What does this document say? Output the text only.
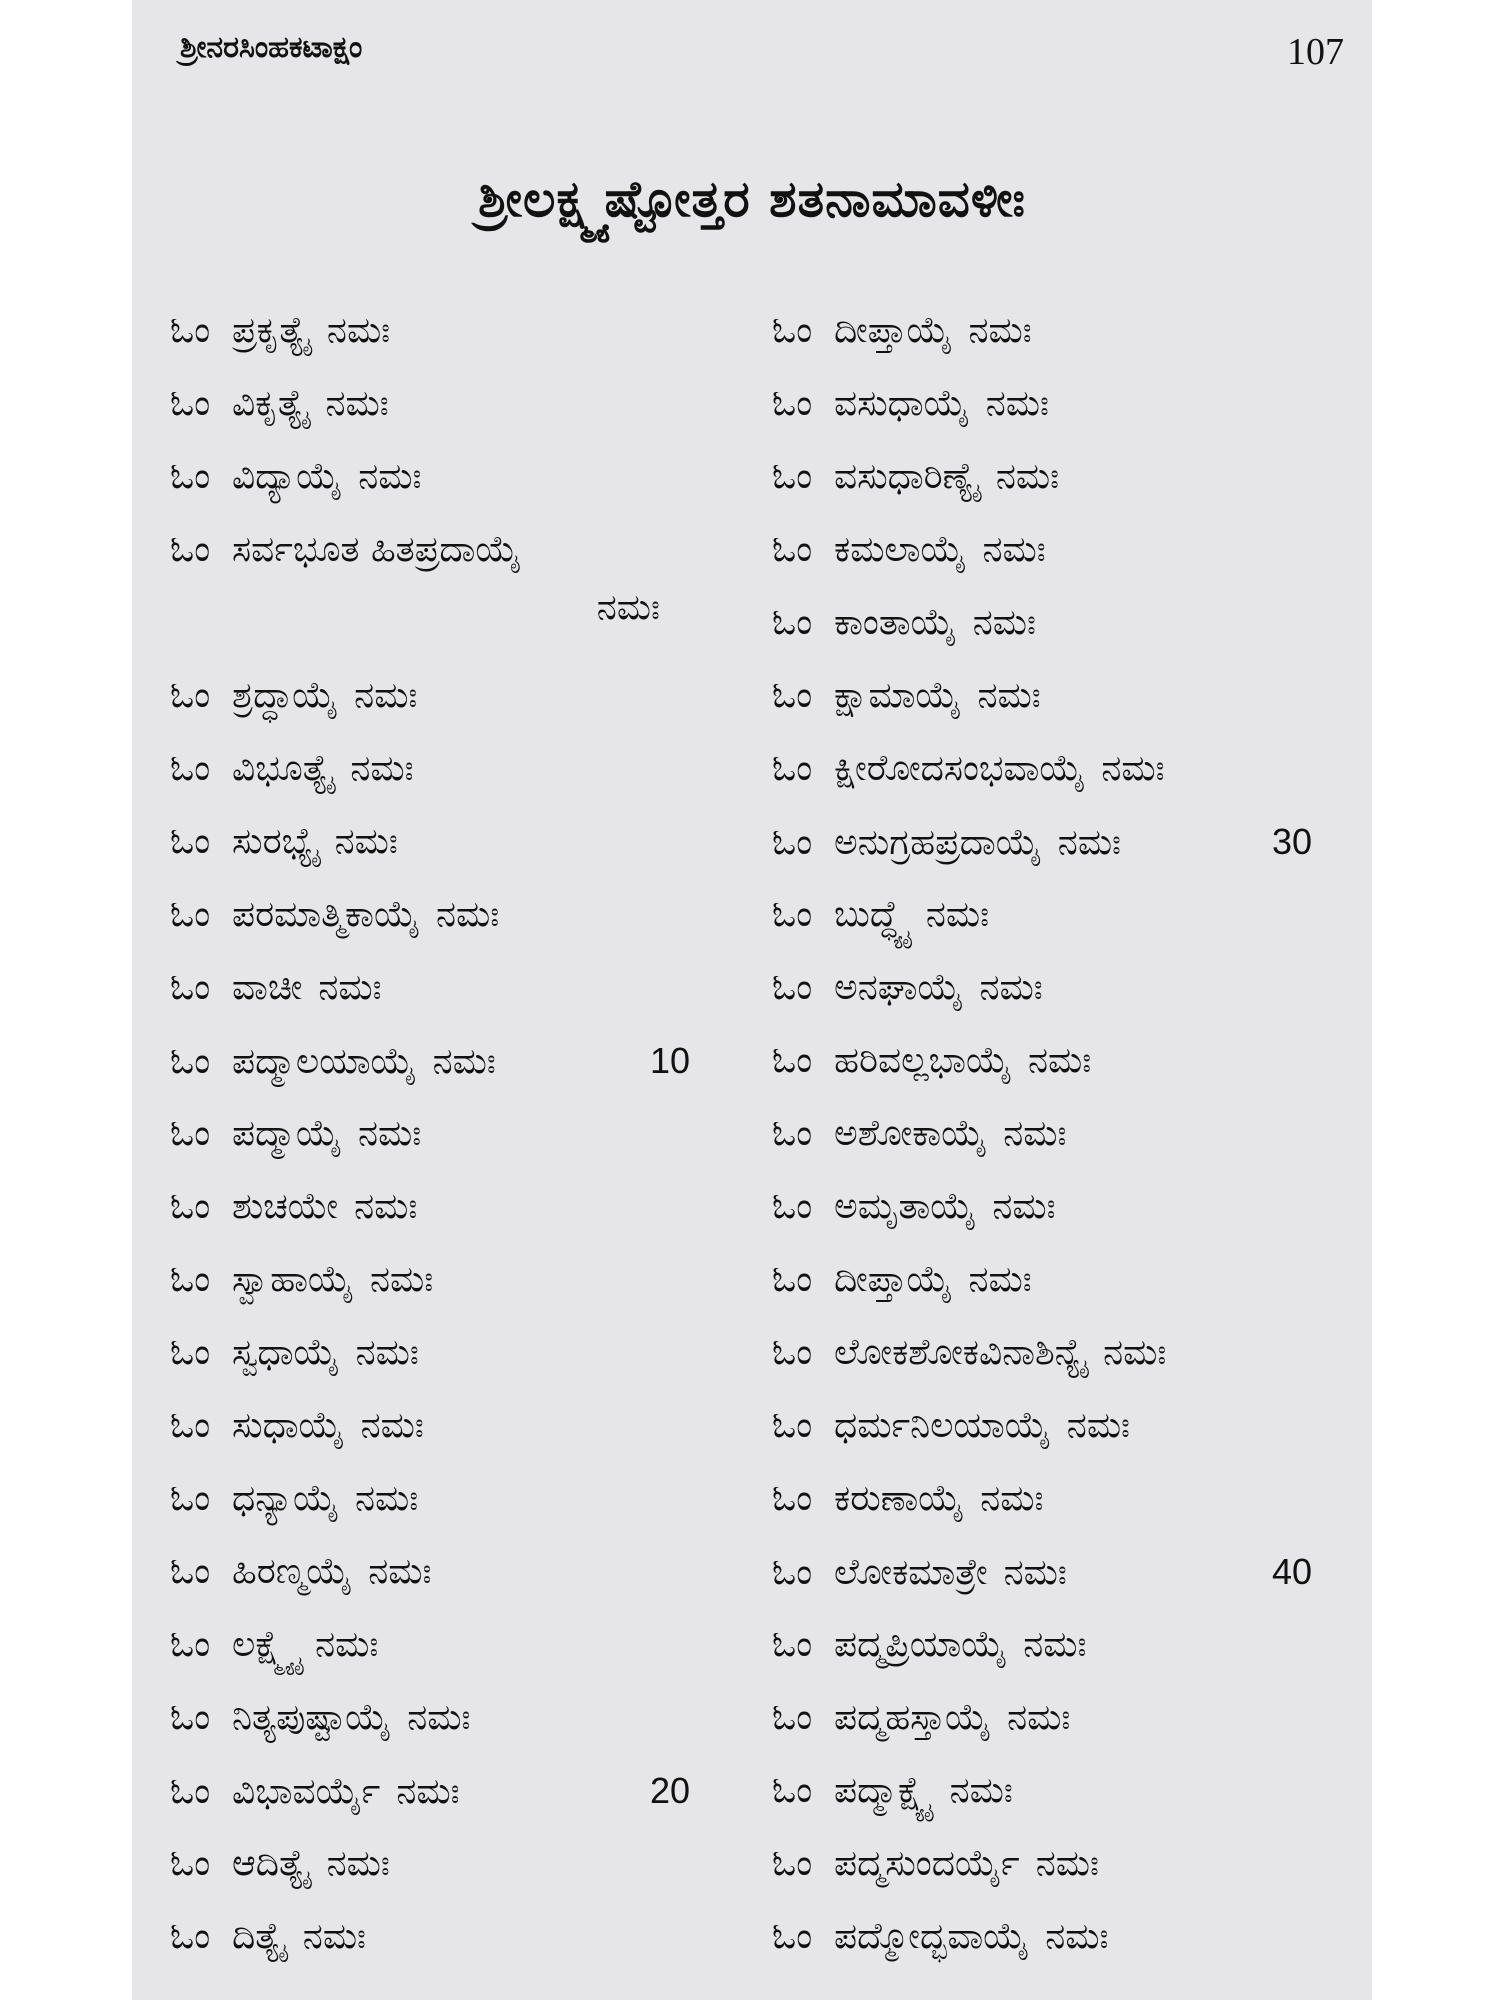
ಶ್ರೀನರಸಿಂಹಕಟಾಕ್ಷಂ	107
ಶ್ರೀಲಕ್ಷ್ಮ್ಯಷ್ಟೋತ್ತರ ಶತನಾಮಾವಳೀಃ
ಓಂ ಪ್ರಕೃತ್ಯೈ ನಮಃ
ಓಂ ವಿಕೃತ್ಯೈ ನಮಃ
ಓಂ ವಿದ್ಯಾಯೈ ನಮಃ
ಓಂ ಸರ್ವಭೂತ ಹಿತಪ್ರದಾಯೈ
ನಮಃ
ಓಂ ಶ್ರದ್ಧಾಯೈ ನಮಃ
ಓಂ ವಿಭೂತ್ಯೈ ನಮಃ
ಓಂ ಸುರಭ್ಯೈ ನಮಃ
ಓಂ ಪರಮಾತ್ಮಿಕಾಯೈ ನಮಃ
ಓಂ ವಾಚೀ ನಮಃ
ಓಂ ಪದ್ಮಾಲಯಾಯೈ ನಮಃ	10
ಓಂ ಪದ್ಮಾಯೈ ನಮಃ
ಓಂ ಶುಚಯೇ ನಮಃ
ಓಂ ಸ್ವಾಹಾಯೈ ನಮಃ
ಓಂ ಸ್ವಧಾಯೈ ನಮಃ
ಓಂ ಸುಧಾಯೈ ನಮಃ
ಓಂ ಧನ್ಯಾಯೈ ನಮಃ
ಓಂ ಹಿರಣ್ಮಯೈ ನಮಃ
ಓಂ ಲಕ್ಷ್ಮ್ಯೈ ನಮಃ
ಓಂ ನಿತ್ಯಪುಷ್ಟಾಯೈ ನಮಃ
ಓಂ ವಿಭಾವರ್ಯೈ ನಮಃ	20
ಓಂ ಆದಿತ್ಯೈ ನಮಃ
ಓಂ ದಿತ್ಯೈ ನಮಃ
ಓಂ ದೀಪ್ತಾಯೈ ನಮಃ
ಓಂ ವಸುಧಾಯೈ ನಮಃ
ಓಂ ವಸುಧಾರಿಣ್ಯೈ ನಮಃ
ಓಂ ಕಮಲಾಯೈ ನಮಃ
ಓಂ ಕಾಂತಾಯೈ ನಮಃ
ಓಂ ಕ್ಷಾಮಾಯೈ ನಮಃ
ಓಂ ಕ್ಷೀರೋದಸಂಭವಾಯೈ ನಮಃ
ಓಂ ಅನುಗ್ರಹಪ್ರದಾಯೈ ನಮಃ	30
ಓಂ ಬುದ್ಧ್ಯೈ ನಮಃ
ಓಂ ಅನಘಾಯೈ ನಮಃ
ಓಂ ಹರಿವಲ್ಲಭಾಯೈ ನಮಃ
ಓಂ ಅಶೋಕಾಯೈ ನಮಃ
ಓಂ ಅಮೃತಾಯೈ ನಮಃ
ಓಂ ದೀಪ್ತಾಯೈ ನಮಃ
ಓಂ ಲೋಕಶೋಕವಿನಾಶಿನ್ಯೈ ನಮಃ
ಓಂ ಧರ್ಮನಿಲಯಾಯೈ ನಮಃ
ಓಂ ಕರುಣಾಯೈ ನಮಃ
ಓಂ ಲೋಕಮಾತ್ರೇ ನಮಃ	40
ಓಂ ಪದ್ಮಪ್ರಿಯಾಯೈ ನಮಃ
ಓಂ ಪದ್ಮಹಸ್ತಾಯೈ ನಮಃ
ಓಂ ಪದ್ಮಾಕ್ಷ್ಯೈ ನಮಃ
ಓಂ ಪದ್ಮಸುಂದರ್ಯೈ ನಮಃ
ಓಂ ಪದ್ಮೋದ್ಭವಾಯೈ ನಮಃ
